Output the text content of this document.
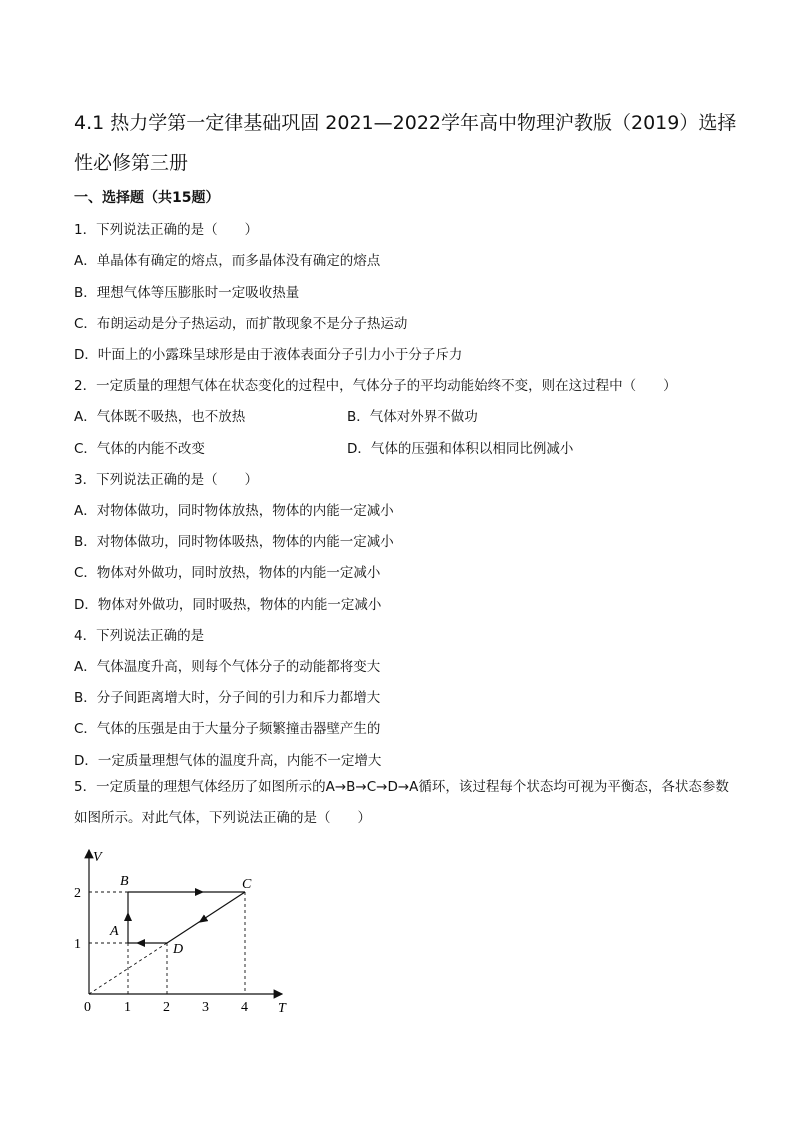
4.1 热力学第一定律基础巩固 2021—2022学年高中物理沪教版（2019）选择性必修第三册
一、选择题（共15题）
1．下列说法正确的是（　　）
A．单晶体有确定的熔点，而多晶体没有确定的熔点
B．理想气体等压膨胀时一定吸收热量
C．布朗运动是分子热运动，而扩散现象不是分子热运动
D．叶面上的小露珠呈球形是由于液体表面分子引力小于分子斥力
2．一定质量的理想气体在状态变化的过程中，气体分子的平均动能始终不变，则在这过程中（　　）
A．气体既不吸热，也不放热	B．气体对外界不做功
C．气体的内能不改变	D．气体的压强和体积以相同比例减小
3．下列说法正确的是（　　）
A．对物体做功，同时物体放热，物体的内能一定减小
B．对物体做功，同时物体吸热，物体的内能一定减小
C．物体对外做功，同时放热，物体的内能一定减小
D．物体对外做功，同时吸热，物体的内能一定减小
4．下列说法正确的是
A．气体温度升高，则每个气体分子的动能都将变大
B．分子间距离增大时，分子间的引力和斥力都增大
C．气体的压强是由于大量分子频繁撞击器壁产生的
D．一定质量理想气体的温度升高，内能不一定增大
5．一定质量的理想气体经历了如图所示的A→B→C→D→A循环，该过程每个状态均可视为平衡态，各状态参数如图所示。对此气体，下列说法正确的是（　　）
V
T
0 1 2 3 4
1
2
A
B	C
D
